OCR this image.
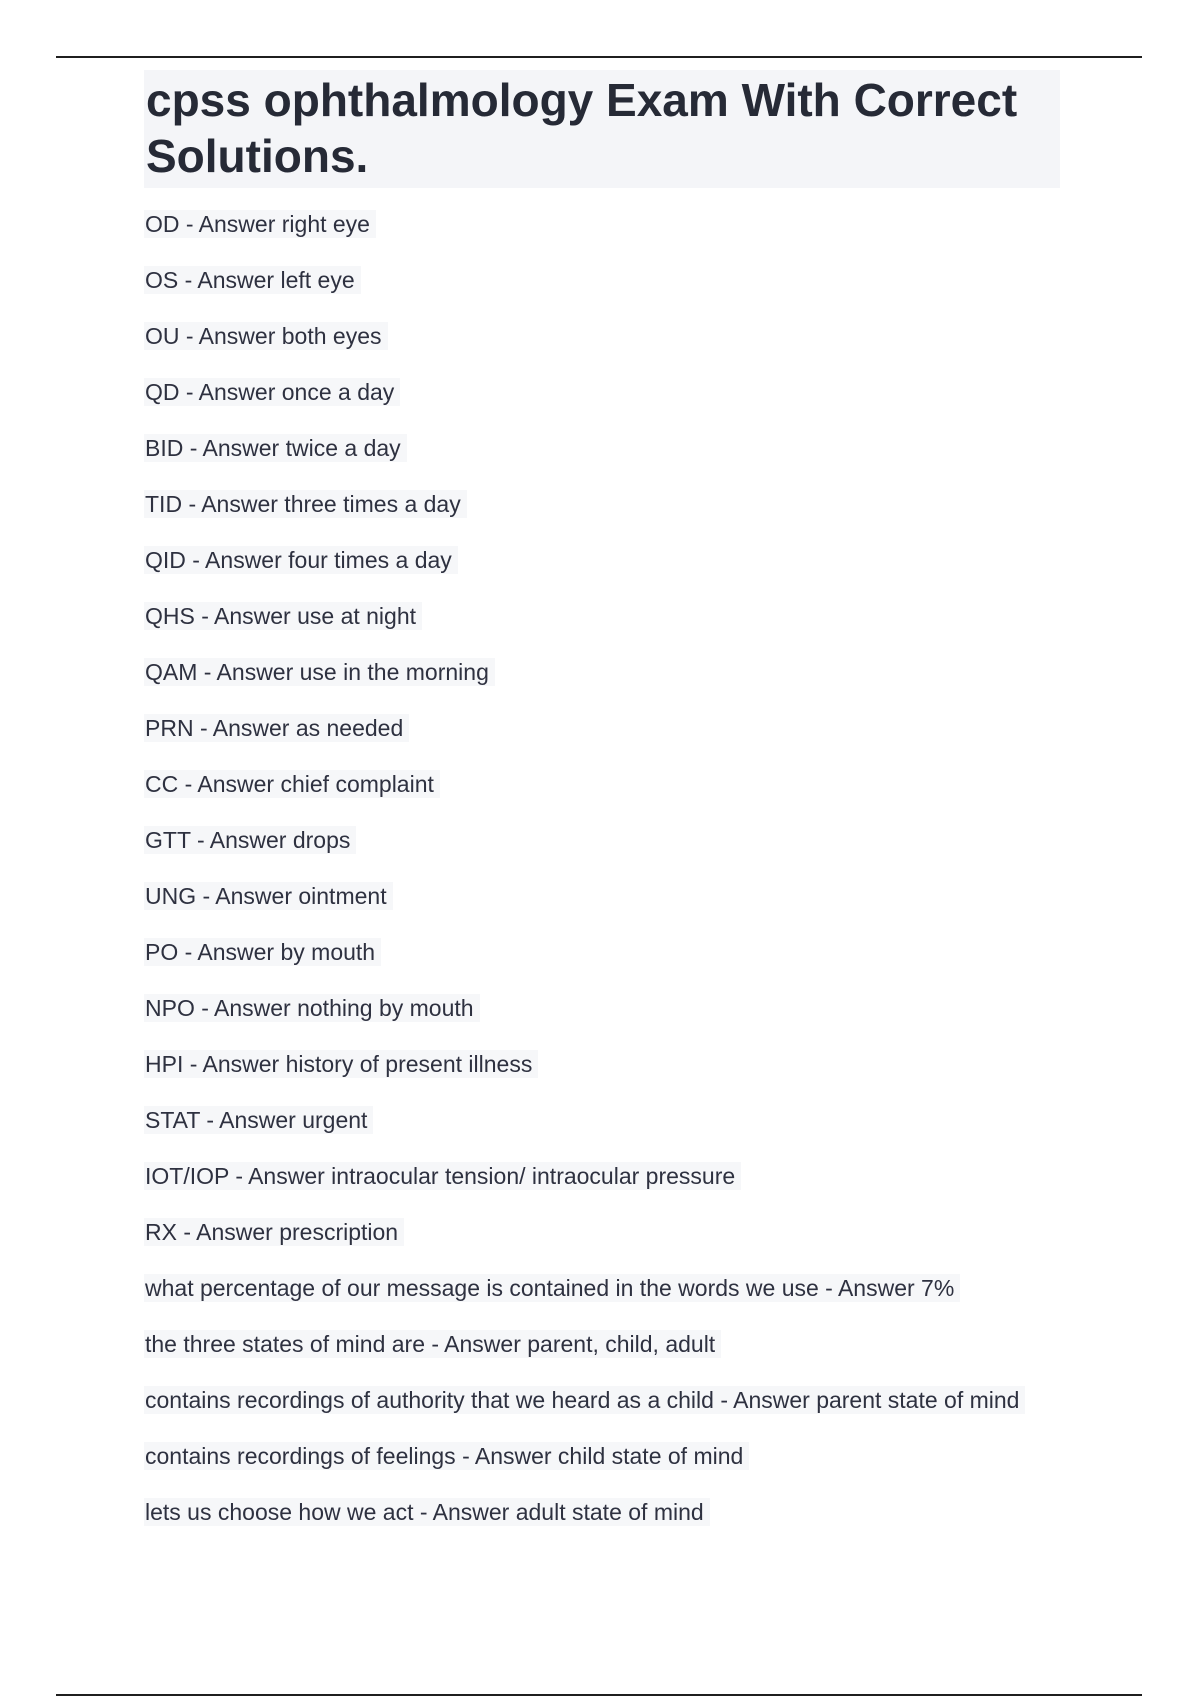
cpss ophthalmology Exam With Correct Solutions.
OD - Answer right eye
OS - Answer left eye
OU - Answer both eyes
QD - Answer once a day
BID - Answer twice a day
TID - Answer three times a day
QID - Answer four times a day
QHS - Answer use at night
QAM - Answer use in the morning
PRN - Answer as needed
CC - Answer chief complaint
GTT - Answer drops
UNG - Answer ointment
PO - Answer by mouth
NPO - Answer nothing by mouth
HPI - Answer history of present illness
STAT - Answer urgent
IOT/IOP - Answer intraocular tension/ intraocular pressure
RX - Answer prescription
what percentage of our message is contained in the words we use - Answer 7%
the three states of mind are - Answer parent, child, adult
contains recordings of authority that we heard as a child - Answer parent state of mind
contains recordings of feelings - Answer child state of mind
lets us choose how we act - Answer adult state of mind
